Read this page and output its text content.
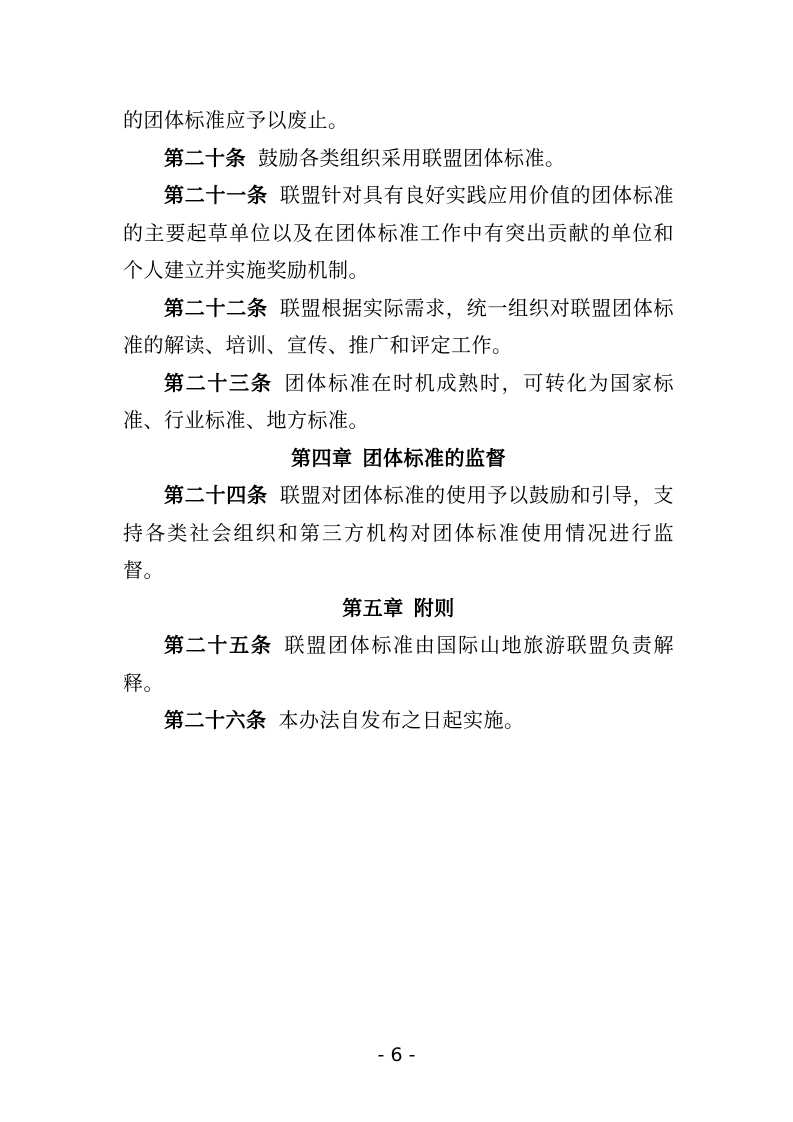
的团体标准应予以废止。

第二十条 鼓励各类组织采用联盟团体标准。

第二十一条 联盟针对具有良好实践应用价值的团体标准的主要起草单位以及在团体标准工作中有突出贡献的单位和个人建立并实施奖励机制。

第二十二条 联盟根据实际需求，统一组织对联盟团体标准的解读、培训、宣传、推广和评定工作。

第二十三条 团体标准在时机成熟时，可转化为国家标准、行业标准、地方标准。

第四章 团体标准的监督

第二十四条 联盟对团体标准的使用予以鼓励和引导，支持各类社会组织和第三方机构对团体标准使用情况进行监督。

第五章 附则

第二十五条 联盟团体标准由国际山地旅游联盟负责解释。

第二十六条 本办法自发布之日起实施。

- 6 -
